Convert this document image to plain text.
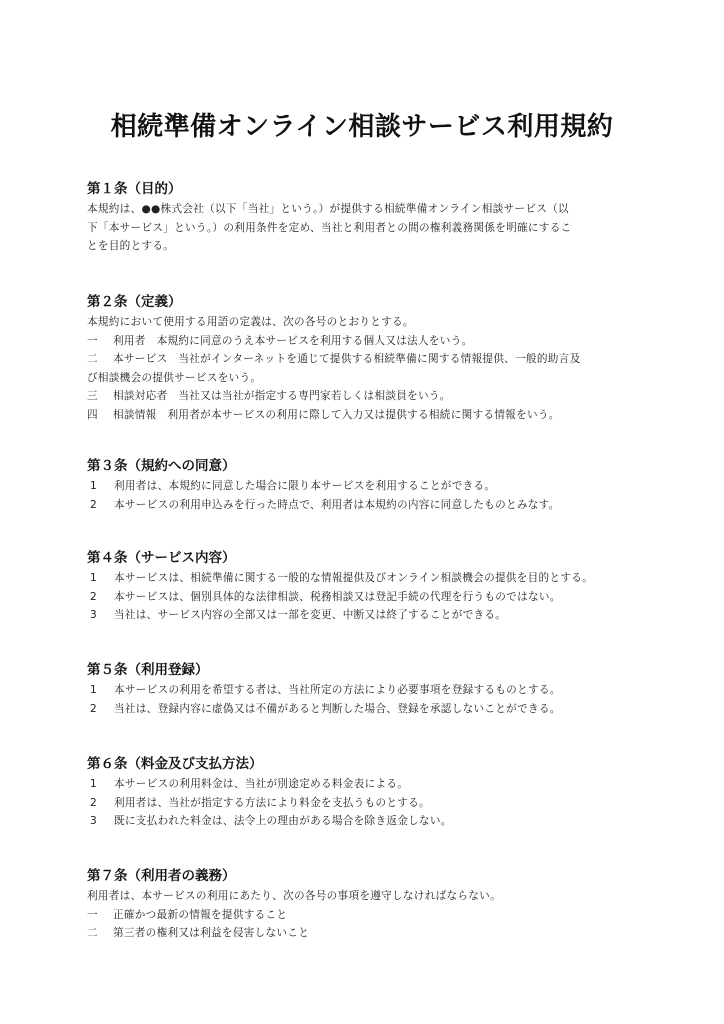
相続準備オンライン相談サービス利用規約
第１条（目的）
本規約は、●●株式会社（以下「当社」という。）が提供する相続準備オンライン相談サービス（以
下「本サービス」という。）の利用条件を定め、当社と利用者との間の権利義務関係を明確にするこ
とを目的とする。
第２条（定義）
本規約において使用する用語の定義は、次の各号のとおりとする。
一	利用者　本規約に同意のうえ本サービスを利用する個人又は法人をいう。
二	本サービス　当社がインターネットを通じて提供する相続準備に関する情報提供、一般的助言及
び相談機会の提供サービスをいう。
三	相談対応者　当社又は当社が指定する専門家若しくは相談員をいう。
四	相談情報　利用者が本サービスの利用に際して入力又は提供する相続に関する情報をいう。
第３条（規約への同意）
1	利用者は、本規約に同意した場合に限り本サービスを利用することができる。
2	本サービスの利用申込みを行った時点で、利用者は本規約の内容に同意したものとみなす。
第４条（サービス内容）
1	本サービスは、相続準備に関する一般的な情報提供及びオンライン相談機会の提供を目的とする。
2	本サービスは、個別具体的な法律相談、税務相談又は登記手続の代理を行うものではない。
3	当社は、サービス内容の全部又は一部を変更、中断又は終了することができる。
第５条（利用登録）
1	本サービスの利用を希望する者は、当社所定の方法により必要事項を登録するものとする。
2	当社は、登録内容に虚偽又は不備があると判断した場合、登録を承認しないことができる。
第６条（料金及び支払方法）
1	本サービスの利用料金は、当社が別途定める料金表による。
2	利用者は、当社が指定する方法により料金を支払うものとする。
3	既に支払われた料金は、法令上の理由がある場合を除き返金しない。
第７条（利用者の義務）
利用者は、本サービスの利用にあたり、次の各号の事項を遵守しなければならない。
一	正確かつ最新の情報を提供すること
二	第三者の権利又は利益を侵害しないこと
